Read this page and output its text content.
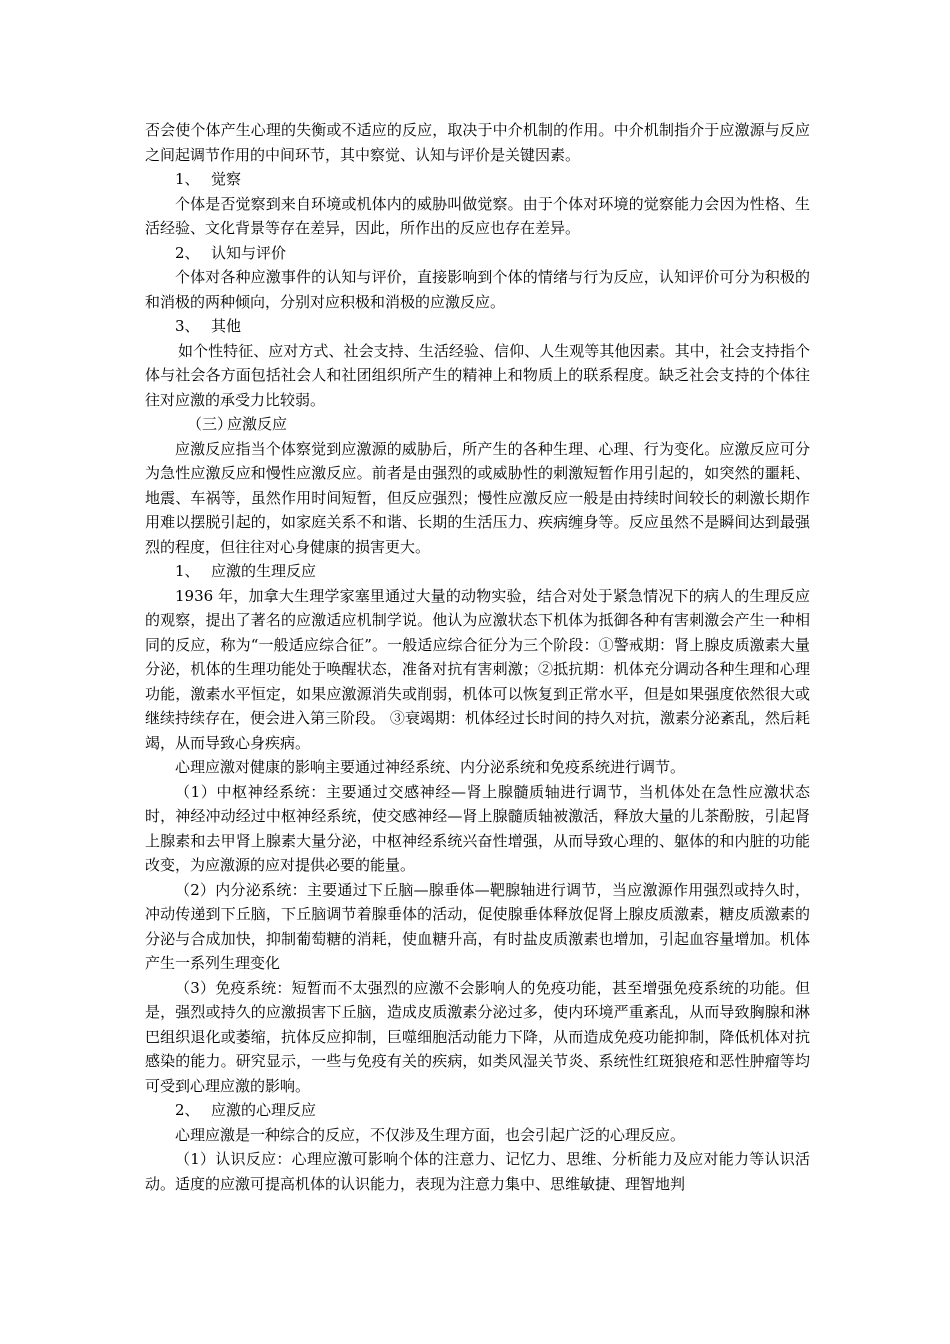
否会使个体产生心理的失衡或不适应的反应，取决于中介机制的作用。中介机制指介于应激源与反应之间起调节作用的中间环节，其中察觉、认知与评价是关键因素。

1、 觉察

个体是否觉察到来自环境或机体内的威胁叫做觉察。由于个体对环境的觉察能力会因为性格、生活经验、文化背景等存在差异，因此，所作出的反应也存在差异。

2、 认知与评价

个体对各种应激事件的认知与评价，直接影响到个体的情绪与行为反应，认知评价可分为积极的和消极的两种倾向，分别对应积极和消极的应激反应。

3、 其他

如个性特征、应对方式、社会支持、生活经验、信仰、人生观等其他因素。其中，社会支持指个体与社会各方面包括社会人和社团组织所产生的精神上和物质上的联系程度。缺乏社会支持的个体往往对应激的承受力比较弱。

（三）应激反应

应激反应指当个体察觉到应激源的威胁后，所产生的各种生理、心理、行为变化。应激反应可分为急性应激反应和慢性应激反应。前者是由强烈的或威胁性的刺激短暂作用引起的，如突然的噩耗、地震、车祸等，虽然作用时间短暂，但反应强烈；慢性应激反应一般是由持续时间较长的刺激长期作用难以摆脱引起的，如家庭关系不和谐、长期的生活压力、疾病缠身等。反应虽然不是瞬间达到最强烈的程度，但往往对心身健康的损害更大。

1、 应激的生理反应

1936 年，加拿大生理学家塞里通过大量的动物实验，结合对处于紧急情况下的病人的生理反应的观察，提出了著名的应激适应机制学说。他认为应激状态下机体为抵御各种有害刺激会产生一种相同的反应，称为“一般适应综合征”。一般适应综合征分为三个阶段：①警戒期：肾上腺皮质激素大量分泌，机体的生理功能处于唤醒状态，准备对抗有害刺激；②抵抗期：机体充分调动各种生理和心理功能，激素水平恒定，如果应激源消失或削弱，机体可以恢复到正常水平，但是如果强度依然很大或继续持续存在，便会进入第三阶段。 ③衰竭期：机体经过长时间的持久对抗，激素分泌紊乱，然后耗竭，从而导致心身疾病。

心理应激对健康的影响主要通过神经系统、内分泌系统和免疫系统进行调节。

（1）中枢神经系统：主要通过交感神经—肾上腺髓质轴进行调节，当机体处在急性应激状态时，神经冲动经过中枢神经系统，使交感神经—肾上腺髓质轴被激活，释放大量的儿茶酚胺，引起肾上腺素和去甲肾上腺素大量分泌，中枢神经系统兴奋性增强，从而导致心理的、躯体的和内脏的功能改变，为应激源的应对提供必要的能量。

（2）内分泌系统：主要通过下丘脑—腺垂体—靶腺轴进行调节，当应激源作用强烈或持久时，冲动传递到下丘脑，下丘脑调节着腺垂体的活动，促使腺垂体释放促肾上腺皮质激素，糖皮质激素的分泌与合成加快，抑制葡萄糖的消耗，使血糖升高，有时盐皮质激素也增加，引起血容量增加。机体产生一系列生理变化

（3）免疫系统：短暂而不太强烈的应激不会影响人的免疫功能，甚至增强免疫系统的功能。但是，强烈或持久的应激损害下丘脑，造成皮质激素分泌过多，使内环境严重紊乱，从而导致胸腺和淋巴组织退化或萎缩，抗体反应抑制，巨噬细胞活动能力下降，从而造成免疫功能抑制，降低机体对抗感染的能力。研究显示，一些与免疫有关的疾病，如类风湿关节炎、系统性红斑狼疮和恶性肿瘤等均可受到心理应激的影响。

2、 应激的心理反应

心理应激是一种综合的反应，不仅涉及生理方面，也会引起广泛的心理反应。

（1）认识反应：心理应激可影响个体的注意力、记忆力、思维、分析能力及应对能力等认识活动。适度的应激可提高机体的认识能力，表现为注意力集中、思维敏捷、理智地判
